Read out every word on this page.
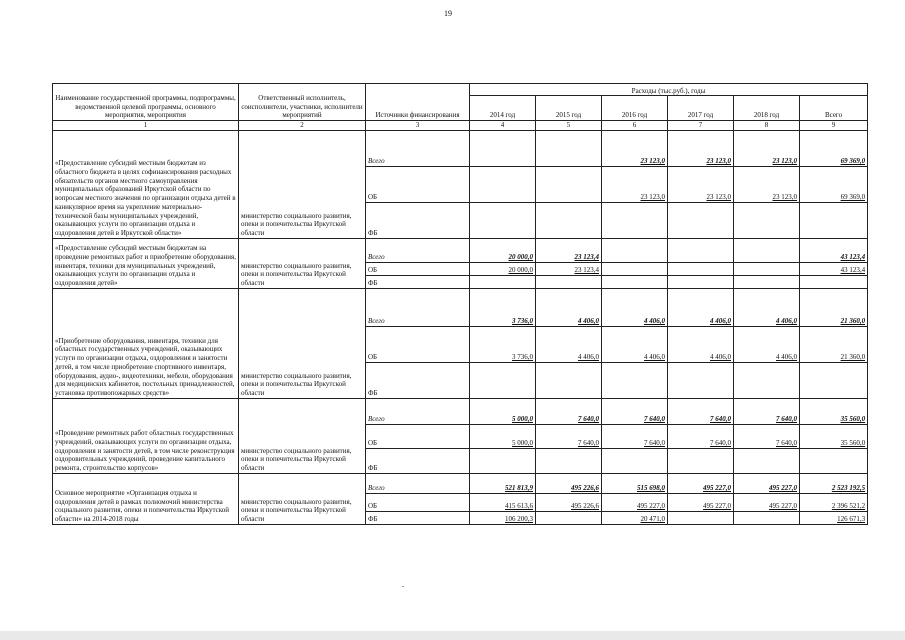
19
Наименование государственной программы, подпрограммы, ведомственной целевой программы, основного мероприятия, мероприятия	Ответственный исполнитель, соисполнители, участники, исполнители мероприятий	Источники финансирования	Расходы (тыс.руб.), годы					
			2014 год	2015 год	2016 год	2017 год	2018 год	Всего
1	2	3	4	5	6	7	8	9
«Предоставление субсидий местным бюджетам из областного бюджета в целях софинансирования расходных обязательств органов местного самоуправления муниципальных образований Иркутской области по вопросам местного значения по организации отдыха детей в каникулярное время на укрепление материально-технической базы муниципальных учреждений, оказывающих услуги по организации отдыха и оздоровления детей в Иркутской области»	министерство социального развития, опеки и попечительства Иркутской области	Всего			23 123,0	23 123,0	23 123,0	69 369,0
		ОБ			23 123,0	23 123,0	23 123,0	69 369,0
		ФБ						
«Предоставление субсидий местным бюджетам на проведение ремонтных работ и приобретение оборудования, инвентаря, техники для муниципальных учреждений, оказывающих услуги по организации отдыха и оздоровления детей»	министерство социального развития, опеки и попечительства Иркутской области	Всего	20 000,0	23 123,4				43 123,4
		ОБ	20 000,0	23 123,4				43 123,4
		ФБ						
«Приобретение оборудования, инвентаря, техники для областных государственных учреждений, оказывающих услуги по организации отдыха, оздоровления и занятости детей, в том числе приобретение спортивного инвентаря, оборудования, аудио-, видеотехники, мебели, оборудования для медицинских кабинетов, постельных принадлежностей, установка противопожарных средств»	министерство социального развития, опеки и попечительства Иркутской области	Всего	3 736,0	4 406,0	4 406,0	4 406,0	4 406,0	21 360,0
		ОБ	3 736,0	4 406,0	4 406,0	4 406,0	4 406,0	21 360,0
		ФБ						
«Проведение ремонтных работ областных государственных учреждений, оказывающих услуги по организации отдыха, оздоровления и занятости детей, в том числе реконструкция оздоровительных учреждений, проведение капитального ремонта, строительство корпусов»	министерство социального развития, опеки и попечительства Иркутской области	Всего	5 000,0	7 640,0	7 640,0	7 640,0	7 640,0	35 560,0
		ОБ	5 000,0	7 640,0	7 640,0	7 640,0	7 640,0	35 560,0
		ФБ						
Основное мероприятие «Организация отдыха и оздоровления детей в рамках полномочий министерства социального развития, опеки и попечительства Иркутской области» на 2014-2018 годы	министерство социального развития, опеки и попечительства Иркутской области	Всего	521 813,9	495 226,6	515 698,0	495 227,0	495 227,0	2 523 192,5
		ОБ	415 613,6	495 226,6	495 227,0	495 227,0	495 227,0	2 396 521,2
		ФБ	106 200,3		20 471,0			126 671,3
